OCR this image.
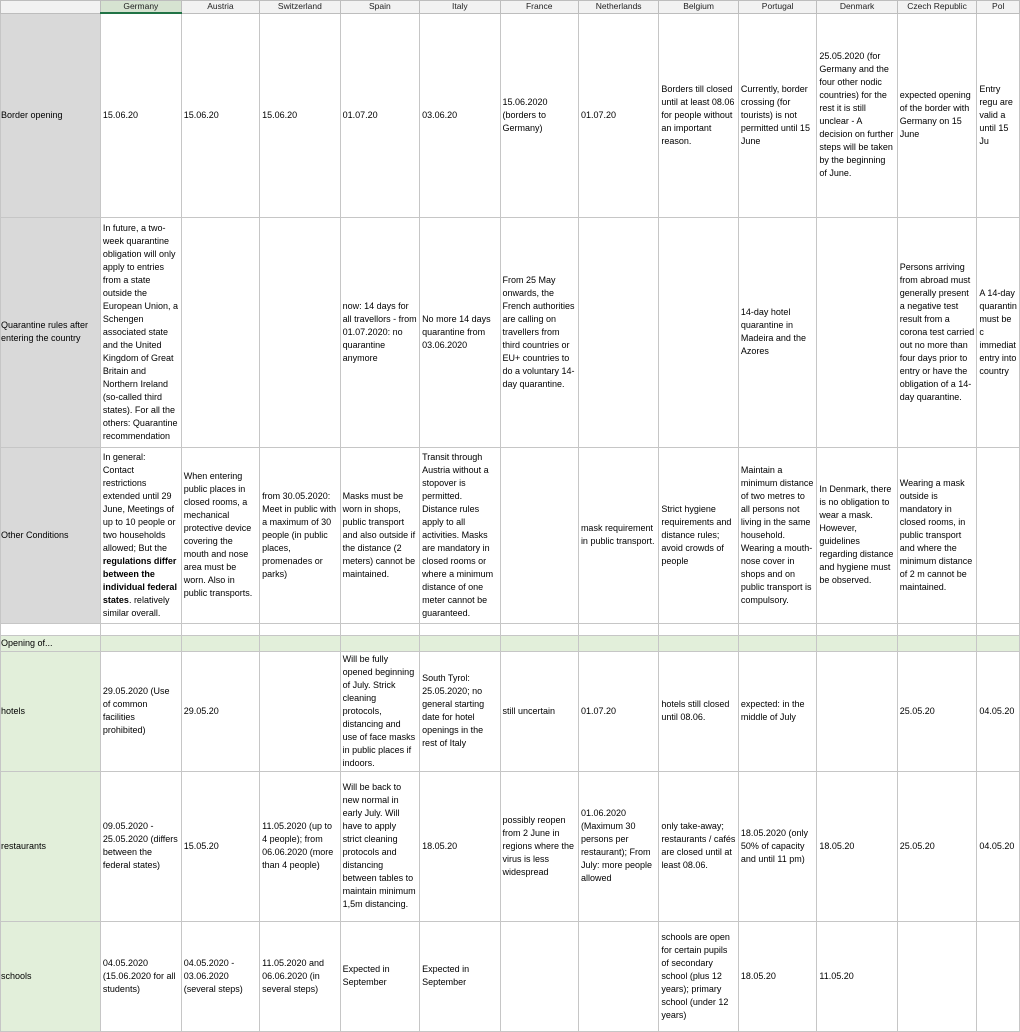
	Germany	Austria	Switzerland	Spain	Italy	France	Netherlands	Belgium	Portugal	Denmark	Czech Republic	Pol
Border opening	15.06.20	15.06.20	15.06.20	01.07.20	03.06.20	15.06.2020 (borders to Germany)	01.07.20	Borders till closed until at least 08.06 for people without an important reason.	Currently, border crossing (for tourists) is not permitted until 15 June	25.05.2020 (for Germany and the four other nodic countries) for the rest it is still unclear - A decision on further steps will be taken by the beginning of June.	expected opening of the border with Germany on 15 June	Entry regu are valid a until 15 Ju
Quarantine rules after entering the country	In future, a two-week quarantine obligation will only apply to entries from a state outside the European Union, a Schengen associated state and the United Kingdom of Great Britain and Northern Ireland (so-called third states). For all the others: Quarantine recommendation			now: 14 days for all travellors - from 01.07.2020: no quarantine anymore	No more 14 days quarantine from 03.06.2020	From 25 May onwards, the French authorities are calling on travellers from third countries or EU+ countries to do a voluntary 14-day quarantine.			14-day hotel quarantine in Madeira and the Azores		Persons arriving from abroad must generally present a negative test result from a corona test carried out no more than four days prior to entry or have the obligation of a 14-day quarantine.	A 14-day quarantin must be c immediat entry into country
Other Conditions	In general: Contact restrictions extended until 29 June, Meetings of up to 10 people or two households allowed; But the regulations differ between the individual federal states. relatively similar overall.	When entering public places in closed rooms, a mechanical protective device covering the mouth and nose area must be worn. Also in public transports.	from 30.05.2020: Meet in public with a maximum of 30 people (in public places, promenades or parks)	Masks must be worn in shops, public transport and also outside if the distance (2 meters) cannot be maintained.	Transit through Austria without a stopover is permitted. Distance rules apply to all activities. Masks are mandatory in closed rooms or where a minimum distance of one meter cannot be guaranteed.		mask requirement in public transport.	Strict hygiene requirements and distance rules; avoid crowds of people	Maintain a minimum distance of two metres to all persons not living in the same household. Wearing a mouth-nose cover in shops and on public transport is compulsory.	In Denmark, there is no obligation to wear a mask. However, guidelines regarding distance and hygiene must be observed.	Wearing a mask outside is mandatory in closed rooms, in public transport and where the minimum distance of 2 m cannot be maintained.	

Opening of...												
hotels	29.05.2020 (Use of common facilities prohibited)	29.05.20		Will be fully opened beginning of July. Strick cleaning protocols, distancing and use of face masks in public places if indoors.	South Tyrol: 25.05.2020; no general starting date for hotel openings in the rest of Italy	still uncertain	01.07.20	hotels still closed until 08.06.	expected: in the middle of July		25.05.20	04.05.20
restaurants	09.05.2020 - 25.05.2020 (differs between the federal states)	15.05.20	11.05.2020 (up to 4 people); from 06.06.2020 (more than 4 people)	Will be back to new normal in early July. Will have to apply strict cleaning protocols and distancing between tables to maintain minimum 1,5m distancing.	18.05.20	possibly reopen from 2 June in regions where the virus is less widespread	01.06.2020 (Maximum 30 persons per restaurant); From July: more people allowed	only take-away; restaurants / cafés are closed until at least 08.06.	18.05.2020 (only 50% of capacity and until 11 pm)	18.05.20	25.05.20	04.05.20
schools	04.05.2020 (15.06.2020 for all students)	04.05.2020 - 03.06.2020 (several steps)	11.05.2020 and 06.06.2020 (in several steps)	Expected in September	Expected in September			schools are open for certain pupils of secondary school (plus 12 years); primary school (under 12 years)	18.05.20	11.05.20		
